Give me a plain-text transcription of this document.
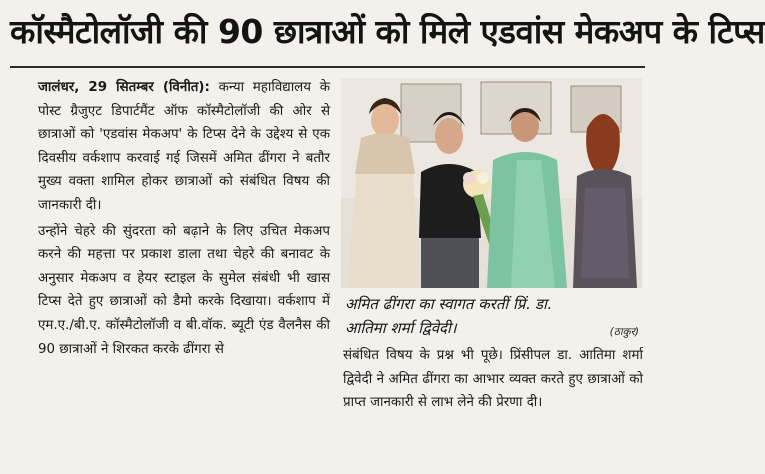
कॉस्मैटोलॉजी की 90 छात्राओं को मिले एडवांस मेकअप के टिप्स

जालंधर, 29 सितम्बर (विनीत): कन्या महाविद्यालय के पोस्ट ग्रैजुएट डिपार्टमैंट ऑफ कॉस्मैटोलॉजी की ओर से छात्राओं को 'एडवांस मेकअप' के टिप्स देने के उद्देश्य से एक दिवसीय वर्कशाप करवाई गई जिसमें अमित ढींगरा ने बतौर मुख्य वक्ता शामिल होकर छात्राओं को संबंधित विषय की जानकारी दी।

उन्होंने चेहरे की सुंदरता को बढ़ाने के लिए उचित मेकअप करने की महत्ता पर प्रकाश डाला तथा चेहरे की बनावट के अनुसार मेकअप व हेयर स्टाइल के सुमेल संबंधी भी खास टिप्स देते हुए छात्राओं को डैमो करके दिखाया। वर्कशाप में एम.ए./बी.ए. कॉस्मैटोलॉजी व बी.वॉक. ब्यूटी एंड वैलनैस की 90 छात्राओं ने शिरकत करके ढींगरा से

अमित ढींगरा का स्वागत करतीं प्रिं. डा.
आतिमा शर्मा द्विवेदी।	(ठाकुर)

संबंधित विषय के प्रश्न भी पूछे। प्रिंसीपल डा. आतिमा शर्मा द्विवेदी ने अमित ढींगरा का आभार व्यक्त करते हुए छात्राओं को प्राप्त जानकारी से लाभ लेने की प्रेरणा दी।
